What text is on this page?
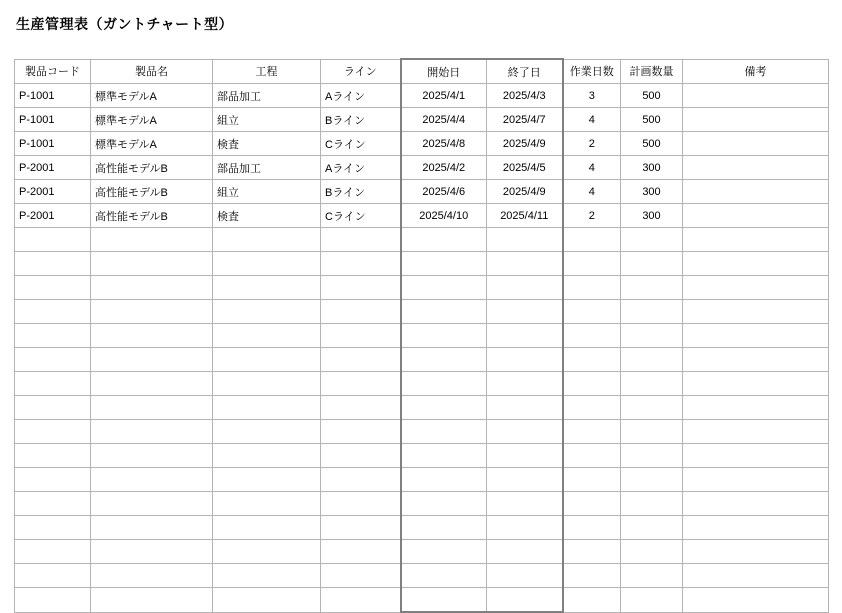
生産管理表（ガントチャート型）
製品コード	製品名	工程	ライン	開始日	終了日	作業日数	計画数量	備考
P-1001	標準モデルA	部品加工	Aライン	2025/4/1	2025/4/3	3	500	
P-1001	標準モデルA	組立	Bライン	2025/4/4	2025/4/7	4	500	
P-1001	標準モデルA	検査	Cライン	2025/4/8	2025/4/9	2	500	
P-2001	高性能モデルB	部品加工	Aライン	2025/4/2	2025/4/5	4	300	
P-2001	高性能モデルB	組立	Bライン	2025/4/6	2025/4/9	4	300	
P-2001	高性能モデルB	検査	Cライン	2025/4/10	2025/4/11	2	300	
